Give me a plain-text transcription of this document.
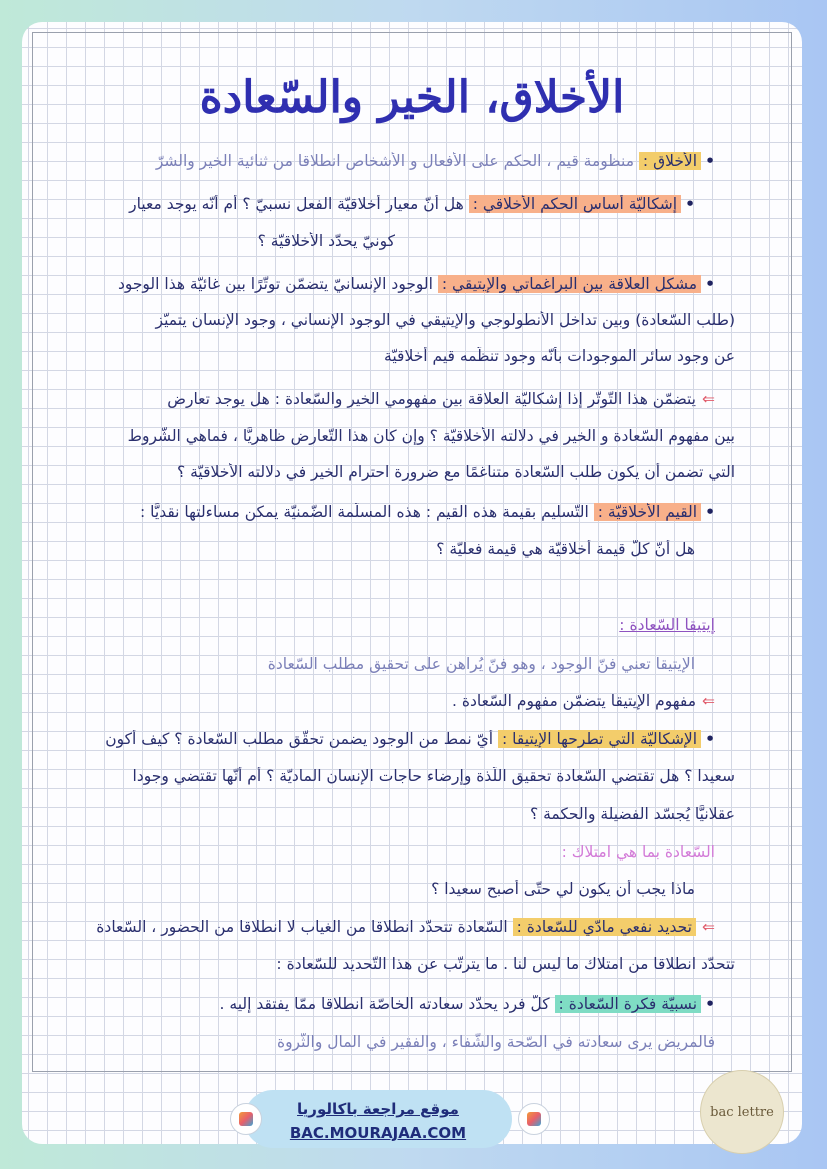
الأخلاق، الخير والسّعادة
•الأخلاق : منظومة قيم ، الحكم على الأفعال و الأشخاص انطلاقا من ثنائية الخير والشرّ
•إشكاليّة أساس الحكم الأخلاقي : هل أنّ معيار أخلاقيّة الفعل نسبيّ ؟ أم أنّه يوجد معيار
كونيّ يحدّد الأخلاقيّة ؟
•مشكل العلاقة بين البراغماتي والإيتيقي : الوجود الإنسانيّ يتضمّن توتّرًا بين غائيّة هذا الوجود
(طلب السّعادة) وبين تداخل الأنطولوجي والإيتيقي في الوجود الإنساني ، وجود الإنسان يتميّز
عن وجود سائر الموجودات بأنّه وجود تنظّمه قيم أخلاقيّة
⇐يتضمّن هذا التّوتّر إذا إشكاليّة العلاقة بين مفهومي الخير والسّعادة : هل يوجد تعارض
بين مفهوم السّعادة و الخير في دلالته الأخلاقيّة ؟ وإن كان هذا التّعارض ظاهريًّا ، فماهي الشّروط
التي تضمن أن يكون طلب السّعادة متناغمًا مع ضرورة احترام الخير في دلالته الأخلاقيّة ؟
•القيم الأخلاقيّة : التّسليم بقيمة هذه القيم : هذه المسلّمة الضّمنيّة يمكن مساءلتها نقديًّا :
هل أنّ كلّ قيمة أخلاقيّة هي قيمة فعليّة ؟
إيتيقا السّعادة :
الإيتيقا تعني فنّ الوجود ، وهو فنّ يُراهن على تحقيق مطلب السّعادة
⇐مفهوم الإيتيقا يتضمّن مفهوم السّعادة .
•الإشكاليّة التي تطرحها الإيتيقا : أيّ نمط من الوجود يضمن تحقّق مطلب السّعادة ؟ كيف أكون
سعيدا ؟ هل تقتضي السّعادة تحقيق اللّذة وإرضاء حاجات الإنسان الماديّة ؟ أم أنّها تقتضي وجودا
عقلانيًّا يُجسّد الفضيلة والحكمة ؟
السّعادة بما هي امتلاك :
ماذا يجب أن يكون لي حتّى أصبح سعيدا ؟
⇐تحديد نفعي مادّي للسّعادة : السّعادة تتحدّد انطلاقا من الغياب لا انطلاقا من الحضور ، السّعادة
تتحدّد انطلاقا من امتلاك ما ليس لنا . ما يترتّب عن هذا التّحديد للسّعادة :
•نسبيّة فكرة السّعادة : كلّ فرد يحدّد سعادته الخاصّة انطلاقا ممّا يفتقد إليه .
فالمريض يرى سعادته في الصّحة والشّفاء ، والفقير في المال والثّروة
موقع مراجعة باكالوريا
BAC.MOURAJAA.COM
bac lettre
